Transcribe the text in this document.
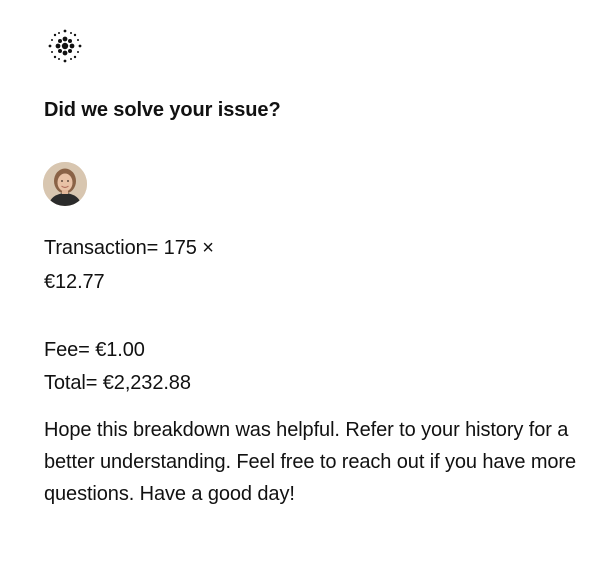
Did we solve your issue?
Transaction= 175 ×
€12.77
Fee= €1.00
Total= €2,232.88
Hope this breakdown was helpful. Refer to your history for a better understanding. Feel free to reach out if you have more questions. Have a good day!
